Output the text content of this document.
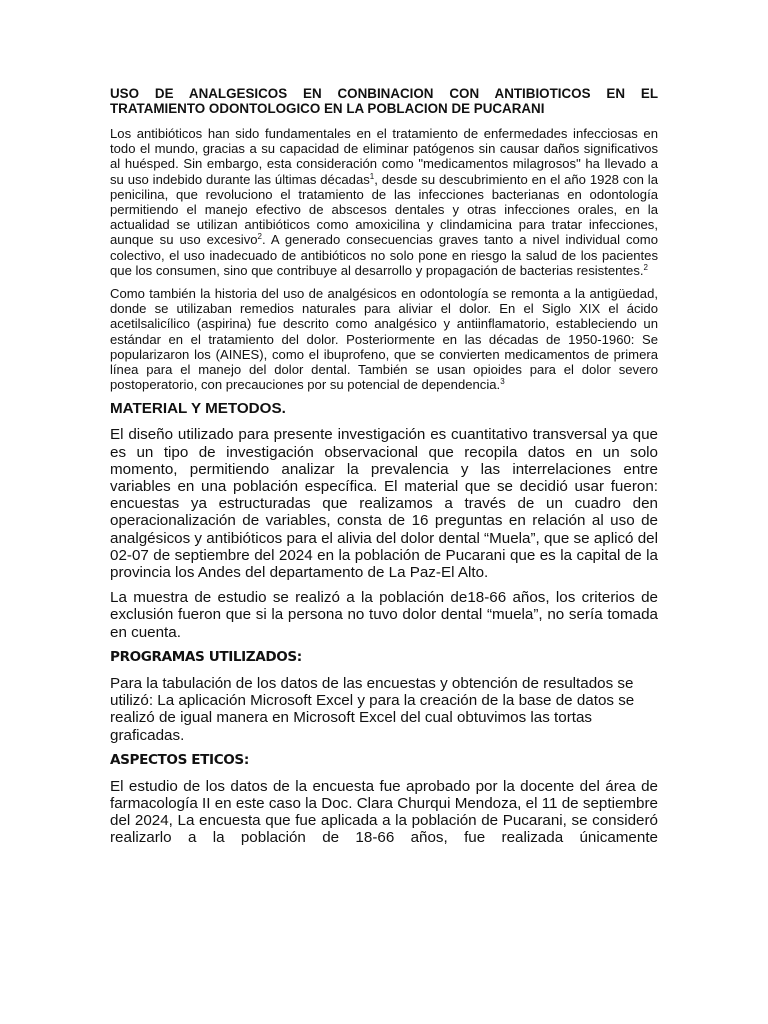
USO DE ANALGESICOS EN CONBINACION CON ANTIBIOTICOS EN EL TRATAMIENTO ODONTOLOGICO EN LA POBLACION DE PUCARANI

Los antibióticos han sido fundamentales en el tratamiento de enfermedades infecciosas en todo el mundo, gracias a su capacidad de eliminar patógenos sin causar daños significativos al huésped. Sin embargo, esta consideración como "medicamentos milagrosos" ha llevado a su uso indebido durante las últimas décadas$^1$, desde su descubrimiento en el año 1928 con la penicilina, que revoluciono el tratamiento de las infecciones bacterianas en odontología permitiendo el manejo efectivo de abscesos dentales y otras infecciones orales, en la actualidad se utilizan antibióticos como amoxicilina y clindamicina para tratar infecciones, aunque su uso excesivo$^2$. A generado consecuencias graves tanto a nivel individual como colectivo, el uso inadecuado de antibióticos no solo pone en riesgo la salud de los pacientes que los consumen, sino que contribuye al desarrollo y propagación de bacterias resistentes.$^2$

Como también la historia del uso de analgésicos en odontología se remonta a la antigüedad, donde se utilizaban remedios naturales para aliviar el dolor. En el Siglo XIX el ácido acetilsalicílico (aspirina) fue descrito como analgésico y antiinflamatorio, estableciendo un estándar en el tratamiento del dolor. Posteriormente en las décadas de 1950-1960: Se popularizaron los (AINES), como el ibuprofeno, que se convierten medicamentos de primera línea para el manejo del dolor dental. También se usan opioides para el dolor severo postoperatorio, con precauciones por su potencial de dependencia.$^3$

MATERIAL Y METODOS.

El diseño utilizado para presente investigación es cuantitativo transversal ya que es un tipo de investigación observacional que recopila datos en un solo momento, permitiendo analizar la prevalencia y las interrelaciones entre variables en una población específica. El material que se decidió usar fueron: encuestas ya estructuradas que realizamos a través de un cuadro den operacionalización de variables, consta de 16 preguntas en relación al uso de analgésicos y antibióticos para el alivia del dolor dental “Muela”, que se aplicó del 02-07 de septiembre del 2024 en la población de Pucarani que es la capital de la provincia los Andes del departamento de La Paz-El Alto.

La muestra de estudio se realizó a la población de18-66 años, los criterios de exclusión fueron que si la persona no tuvo dolor dental “muela”, no sería tomada en cuenta.

PROGRAMAS UTILIZADOS:

Para la tabulación de los datos de las encuestas y obtención de resultados se utilizó: La aplicación Microsoft Excel y para la creación de la base de datos se realizó de igual manera en Microsoft Excel del cual obtuvimos las tortas graficadas.

ASPECTOS ETICOS:

El estudio de los datos de la encuesta fue aprobado por la docente del área de farmacología II en este caso la Doc. Clara Churqui Mendoza, el 11 de septiembre del 2024, La encuesta que fue aplicada a la población de Pucarani, se consideró realizarlo a la población de 18-66 años, fue realizada únicamente
